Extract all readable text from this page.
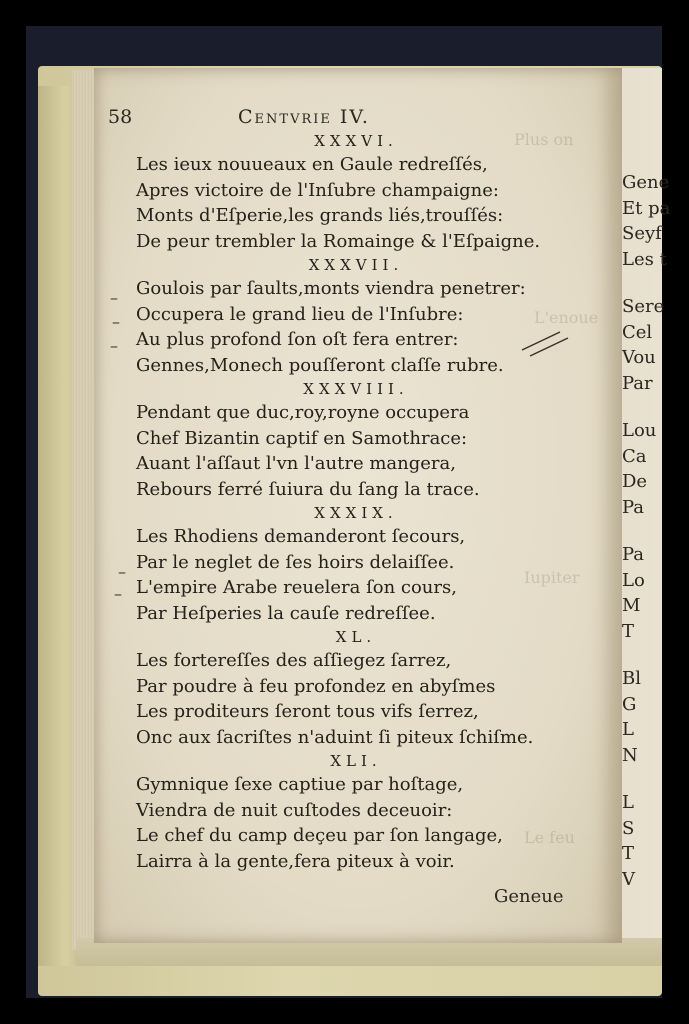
Gene
Et pa
Seyf
Les t
Sere
Cel
Vou
Par
Lou
Ca
De
Pa
Pa
Lo
M
T
Bl
G
L
N
L
S
T
V
Plus on
L'enoue
Iupiter
Le feu
58	Centvrie IV.
–
–
–
–
–
XXXVI.
Les ieux nouueaux en Gaule redreſſés,
Apres victoire de l'Inſubre champaigne:
Monts d'Eſperie,les grands liés,trouſſés:
De peur trembler la Romainge & l'Eſpaigne.
XXXVII.
Goulois par ſaults,monts viendra penetrer:
Occupera le grand lieu de l'Inſubre:
Au plus profond ſon oſt fera entrer:
Gennes,Monech pouſſeront claſſe rubre.
XXXVIII.
Pendant que duc,roy,royne occupera
Chef Bizantin captif en Samothrace:
Auant l'aſſaut l'vn l'autre mangera,
Rebours ferré ſuiura du ſang la trace.
XXXIX.
Les Rhodiens demanderont ſecours,
Par le neglet de ſes hoirs delaiſſee.
L'empire Arabe reuelera ſon cours,
Par Heſperies la cauſe redreſſee.
XL.
Les forterеſſes des aſſiegez ſarrez,
Par poudre à feu profondez en abyſmes
Les proditeurs ſeront tous vifs ſerrez,
Onc aux ſacriſtes n'aduint ſi piteux ſchiſme.
XLI.
Gymnique ſexe captiue par hoſtage,
Viendra de nuit cuſtodes deceuoir:
Le chef du camp deçeu par ſon langage,
Lairra à la gente,fera piteux à voir.
Geneue
